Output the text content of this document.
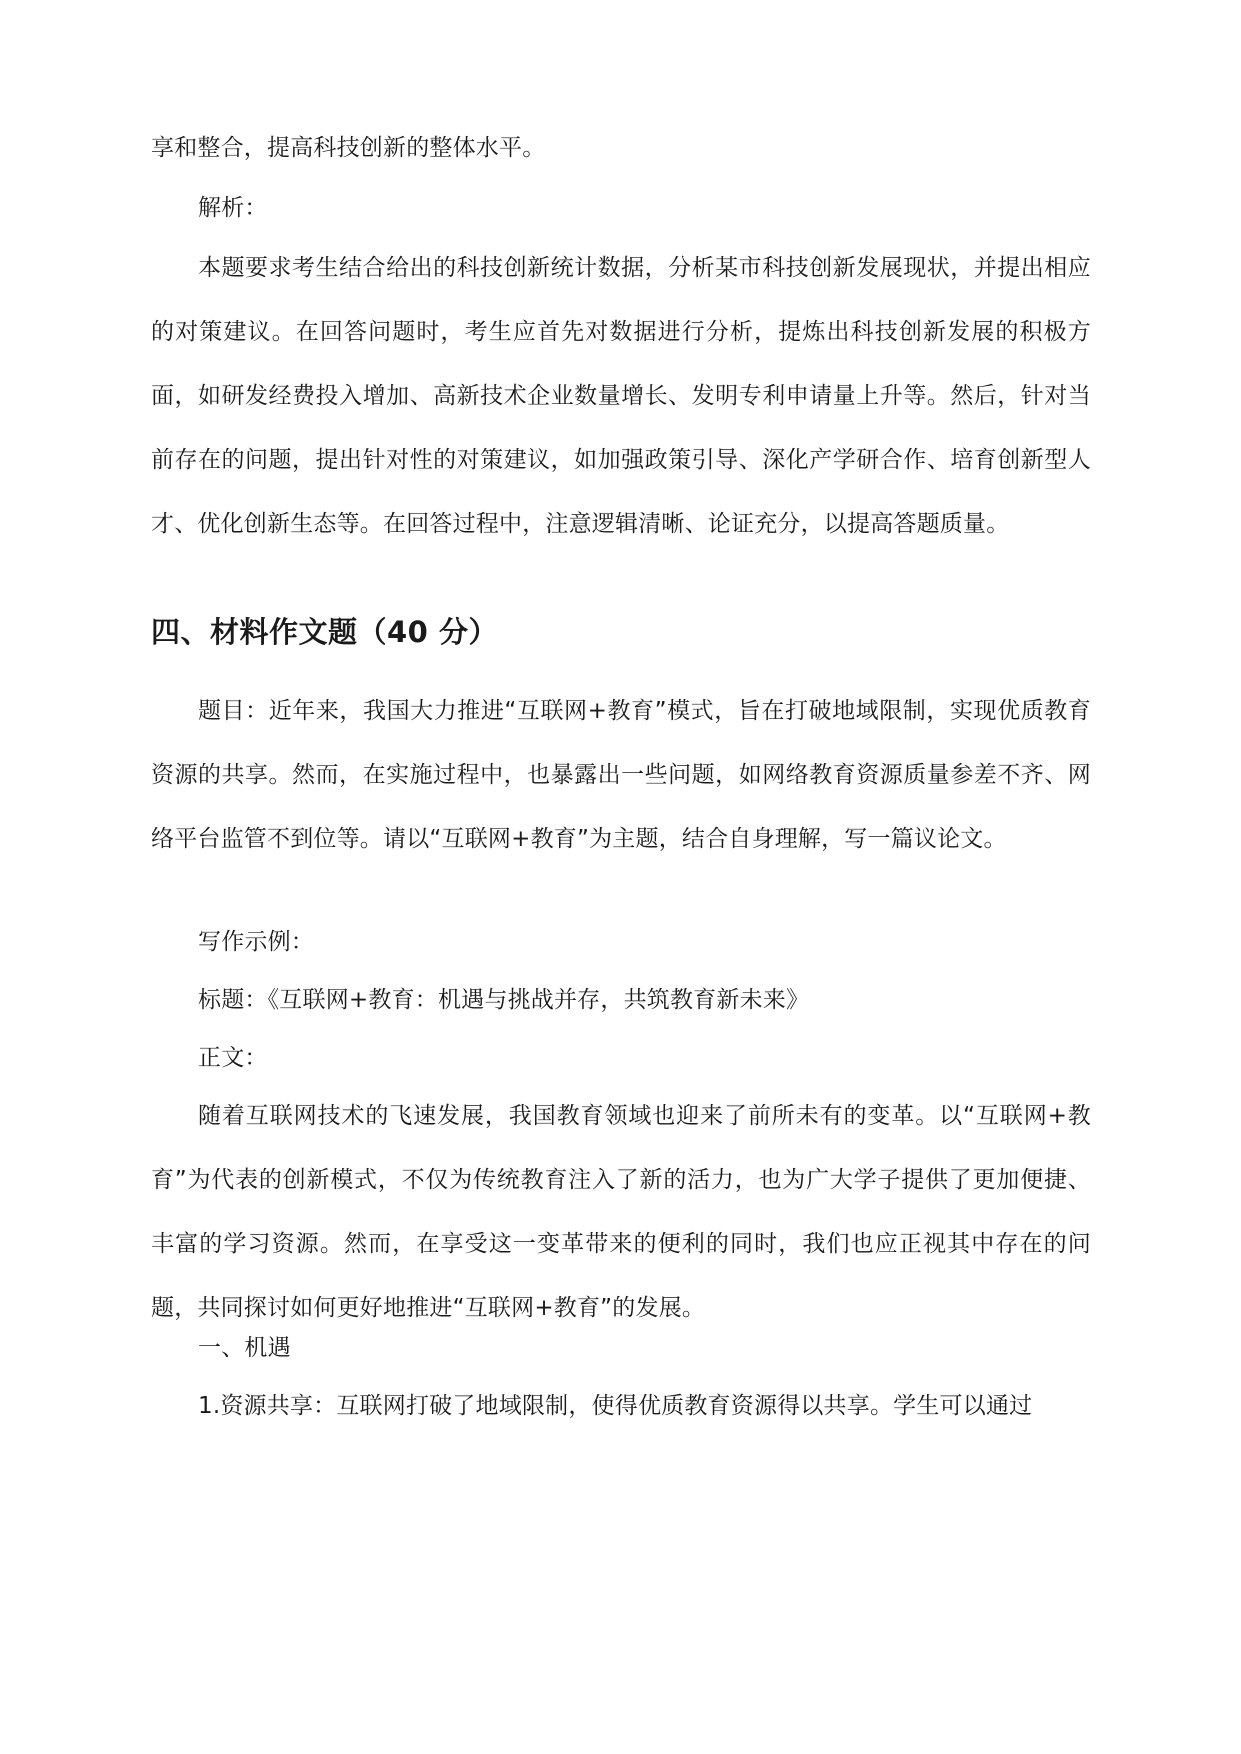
享和整合，提高科技创新的整体水平。

解析：

本题要求考生结合给出的科技创新统计数据，分析某市科技创新发展现状，并提出相应的对策建议。在回答问题时，考生应首先对数据进行分析，提炼出科技创新发展的积极方面，如研发经费投入增加、高新技术企业数量增长、发明专利申请量上升等。然后，针对当前存在的问题，提出针对性的对策建议，如加强政策引导、深化产学研合作、培育创新型人才、优化创新生态等。在回答过程中，注意逻辑清晰、论证充分，以提高答题质量。

四、材料作文题（40 分）

题目：近年来，我国大力推进“互联网+教育”模式，旨在打破地域限制，实现优质教育资源的共享。然而，在实施过程中，也暴露出一些问题，如网络教育资源质量参差不齐、网络平台监管不到位等。请以“互联网+教育”为主题，结合自身理解，写一篇议论文。

写作示例：

标题：《互联网+教育：机遇与挑战并存，共筑教育新未来》

正文：

随着互联网技术的飞速发展，我国教育领域也迎来了前所未有的变革。以“互联网+教育”为代表的创新模式，不仅为传统教育注入了新的活力，也为广大学子提供了更加便捷、丰富的学习资源。然而，在享受这一变革带来的便利的同时，我们也应正视其中存在的问题，共同探讨如何更好地推进“互联网+教育”的发展。

一、机遇

1.资源共享：互联网打破了地域限制，使得优质教育资源得以共享。学生可以通过
